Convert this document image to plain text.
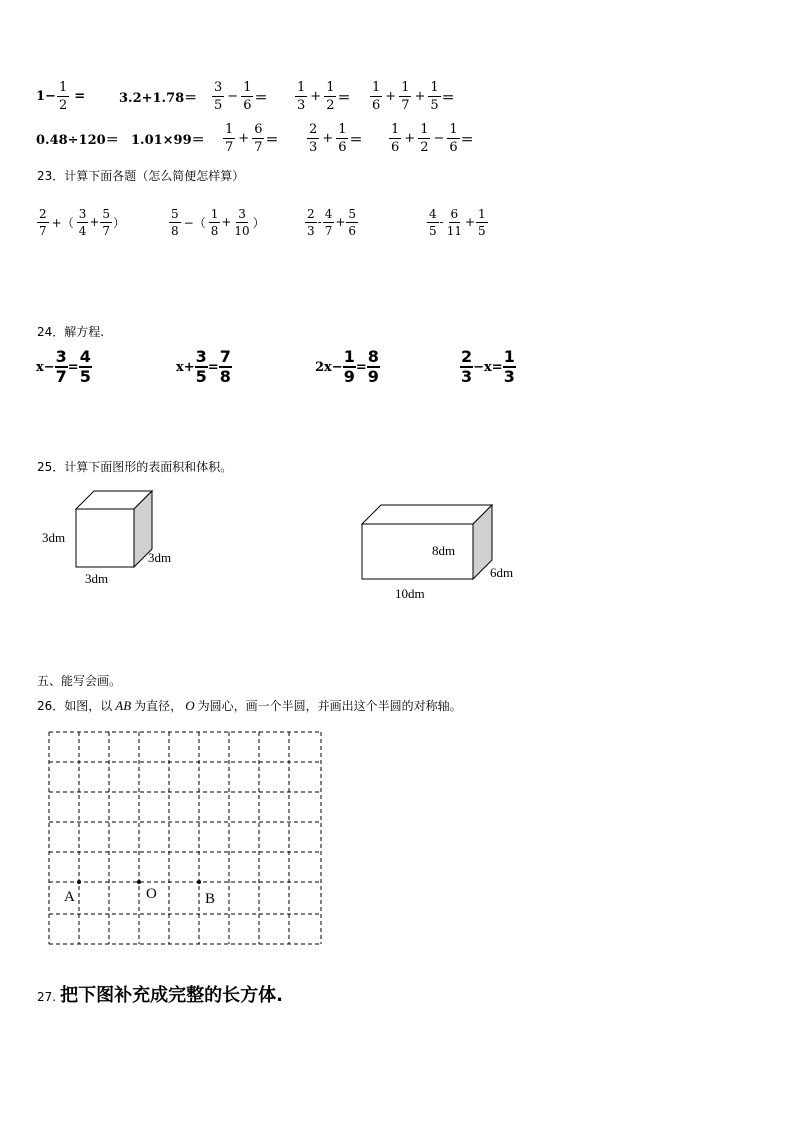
$1- \frac{1}{2}$ =	$3.2+1.78= \frac{3}{5} - \frac{1}{6} = \frac{1}{3} + \frac{1}{2} = \frac{1}{6} + \frac{1}{7} + \frac{1}{5}$ ＝
$0.48\div 120= 1.01\times 99= \frac{1}{7} + \frac{6}{7} = \frac{2}{3} + \frac{1}{6} = \frac{1}{6} + \frac{1}{2} - \frac{1}{6}$ ＝
23．计算下面各题（怎么简便怎样算）
$\frac{2}{7}$ +（ $\frac{3}{4} + \frac{5}{7}$ ）	$\frac{5}{8}$ −（ $\frac{1}{8} + \frac{3}{10}$ ）	$\frac{2}{3} - \frac{4}{7} + \frac{5}{6}$	$\frac{4}{5} - \frac{6}{11} + \frac{1}{5}$
24．解方程.
$x- \frac{3}{7} = \frac{4}{5}$	$x+ \frac{3}{5} = \frac{7}{8}$	$2x- \frac{1}{9} = \frac{8}{9}$	$\frac{2}{3} -x= \frac{1}{3}$
25．计算下面图形的表面积和体积。
3dm
3dm
3dm
8dm
6dm
10dm
五、能写会画。
26．如图，以 AB 为直径， O 为圆心，画一个半圆，并画出这个半圆的对称轴。
A	O	B
27. 把下图补充成完整的长方体.
